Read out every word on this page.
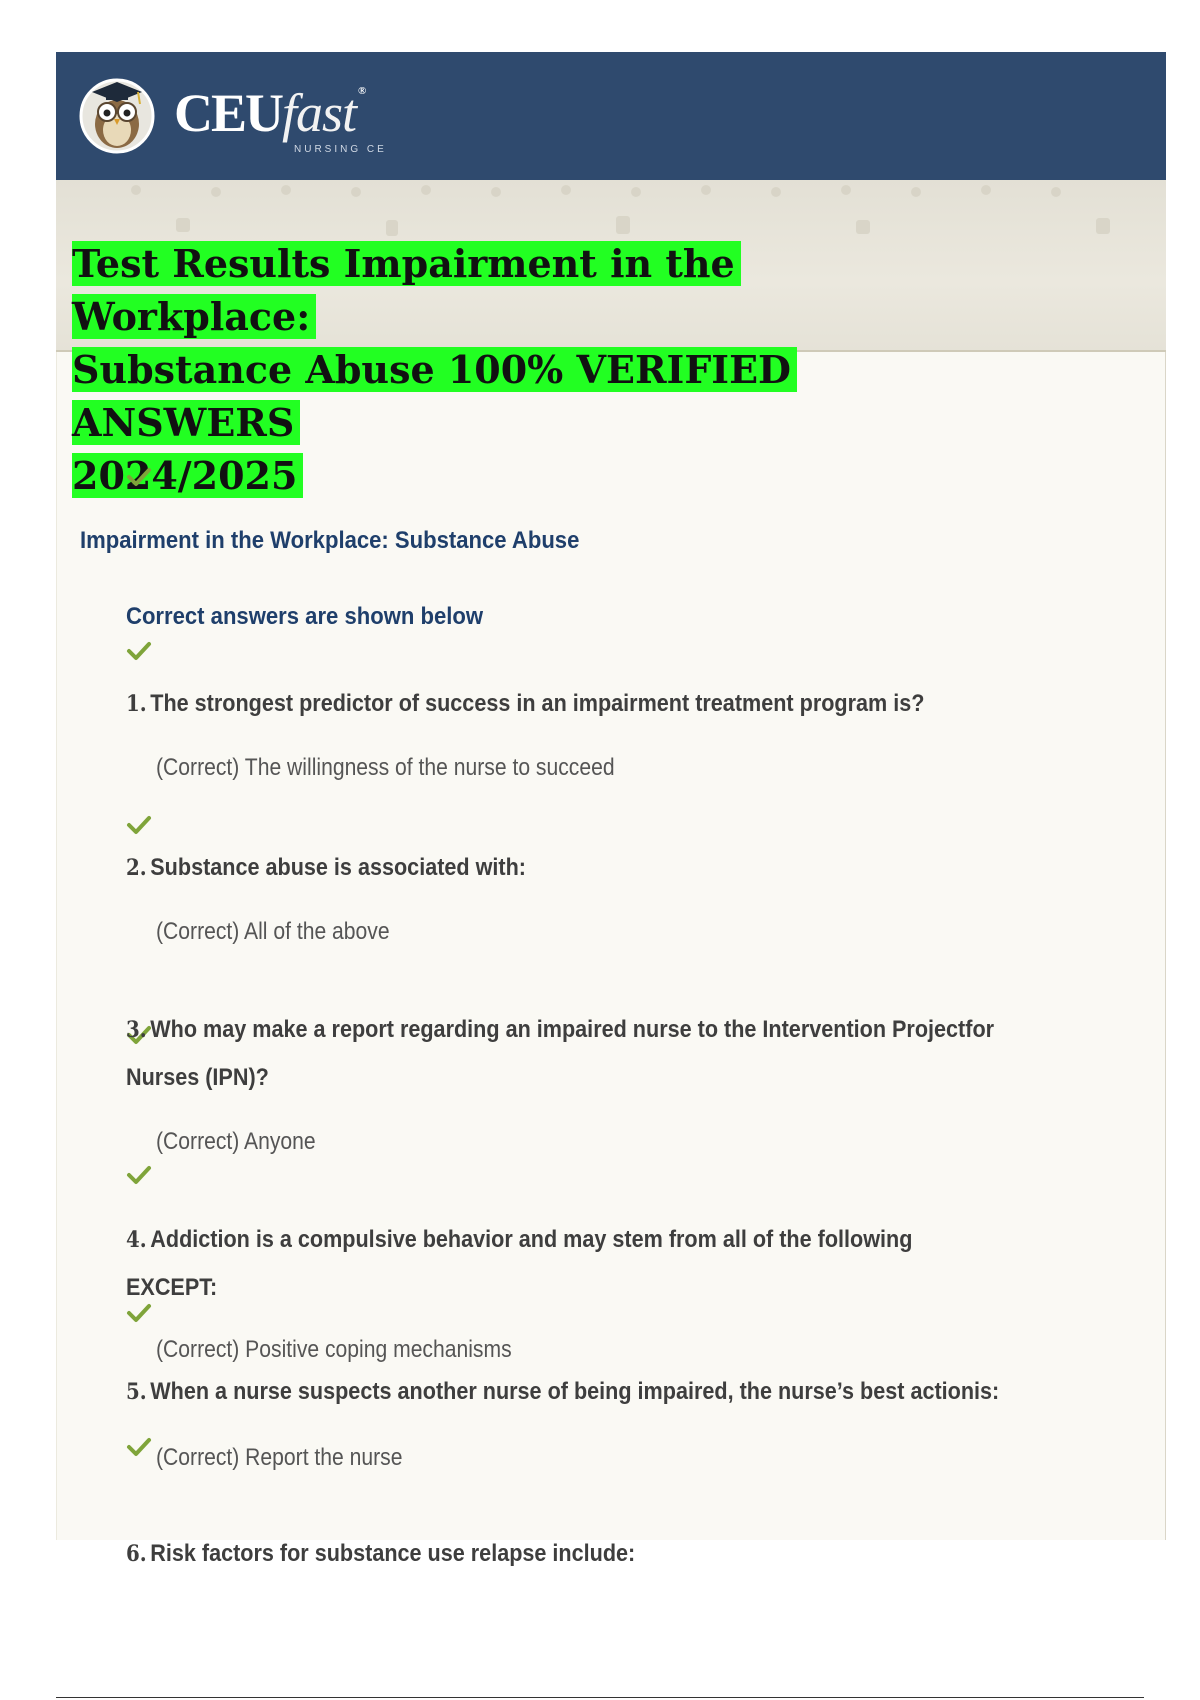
CEUfast ®
NURSING CE
Test Results Impairment in the Workplace:
Substance Abuse 100% VERIFIED ANSWERS
2024/2025
Impairment in the Workplace: Substance Abuse
Correct answers are shown below
1. The strongest predictor of success in an impairment treatment program is?
(Correct) The willingness of the nurse to succeed
2. Substance abuse is associated with:
(Correct) All of the above
3. Who may make a report regarding an impaired nurse to the Intervention Projectfor Nurses (IPN)?
(Correct) Anyone
4. Addiction is a compulsive behavior and may stem from all of the following EXCEPT:
(Correct) Positive coping mechanisms
5. When a nurse suspects another nurse of being impaired, the nurse’s best actionis:
(Correct) Report the nurse
6. Risk factors for substance use relapse include:
